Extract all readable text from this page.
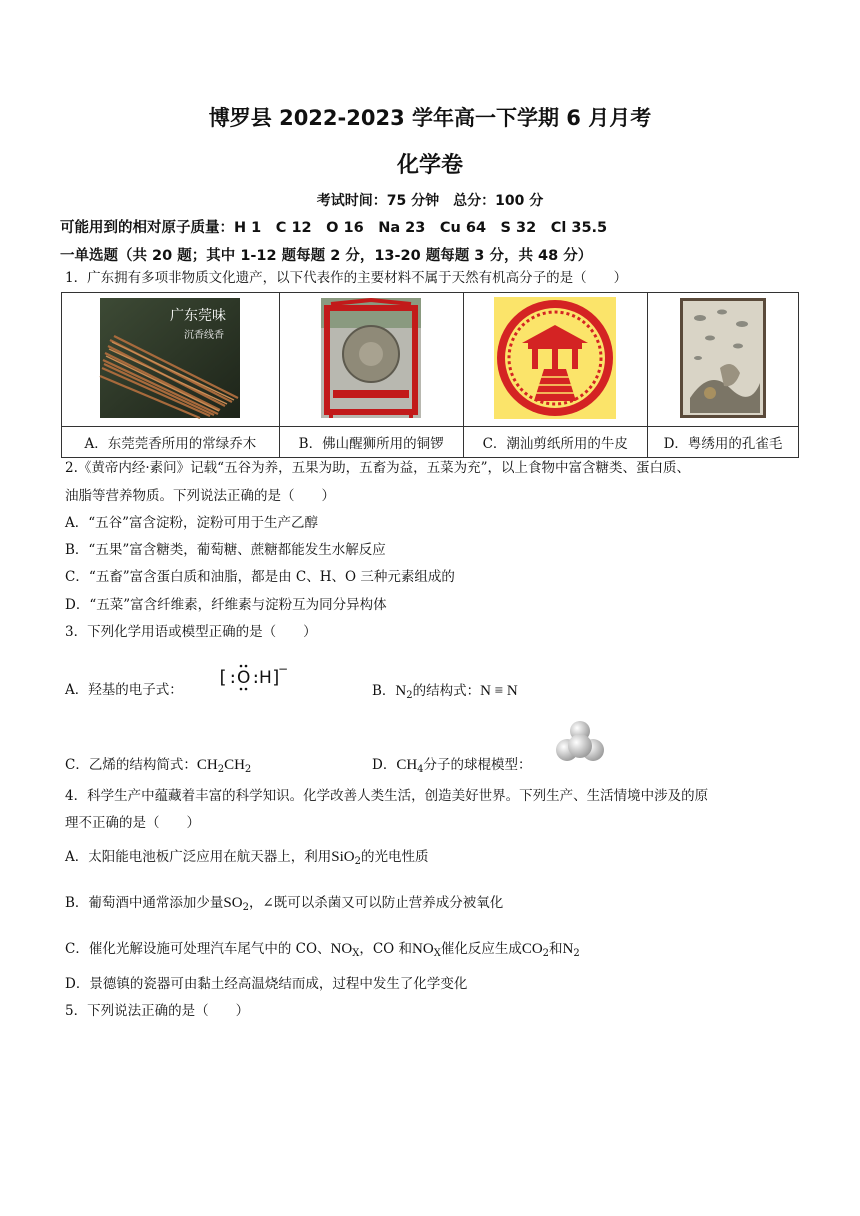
博罗县 2022-2023 学年高一下学期 6 月月考
化学卷
考试时间：75 分钟　总分：100 分
可能用到的相对原子质量：H 1　C 12　O 16　Na 23　Cu 64　S 32　Cl 35.5
一单选题（共 20 题；其中 1-12 题每题 2 分，13-20 题每题 3 分，共 48 分）
1．广东拥有多项非物质文化遗产，以下代表作的主要材料不属于天然有机高分子的是（　　）
广东莞味
沉香线香

A．东莞莞香所用的常绿乔木	B．佛山醒狮所用的铜锣	C．潮汕剪纸所用的牛皮	D．粤绣用的孔雀毛
2.《黄帝内经·素问》记载“五谷为养，五果为助，五畜为益，五菜为充”，以上食物中富含糖类、蛋白质、
油脂等营养物质。下列说法正确的是（　　）
A．“五谷”富含淀粉，淀粉可用于生产乙醇
B．“五果”富含糖类，葡萄糖、蔗糖都能发生水解反应
C．“五畜”富含蛋白质和油脂，都是由 C、H、O 三种元素组成的
D．“五菜”富含纤维素，纤维素与淀粉互为同分异构体
3．下列化学用语或模型正确的是（　　）
A．羟基的电子式：
[ : O :
H ]
−
B．$N_2$的结构式：N ≡ N
C．乙烯的结构简式：$CH_2CH_2$	D．$CH_4$分子的球棍模型：
4．科学生产中蕴藏着丰富的科学知识。化学改善人类生活，创造美好世界。下列生产、生活情境中涉及的原
理不正确的是（　　）
A．太阳能电池板广泛应用在航天器上，利用SiO$_2$的光电性质
B．葡萄酒中通常添加少量$SO_2$，∠既可以杀菌又可以防止营养成分被氧化
C．催化光解设施可处理汽车尾气中的 CO、$NO_X$，CO 和$NO_X$催化反应生成$CO_2$和$N_2$
D．景德镇的瓷器可由黏土经高温烧结而成，过程中发生了化学变化
5．下列说法正确的是（　　）
